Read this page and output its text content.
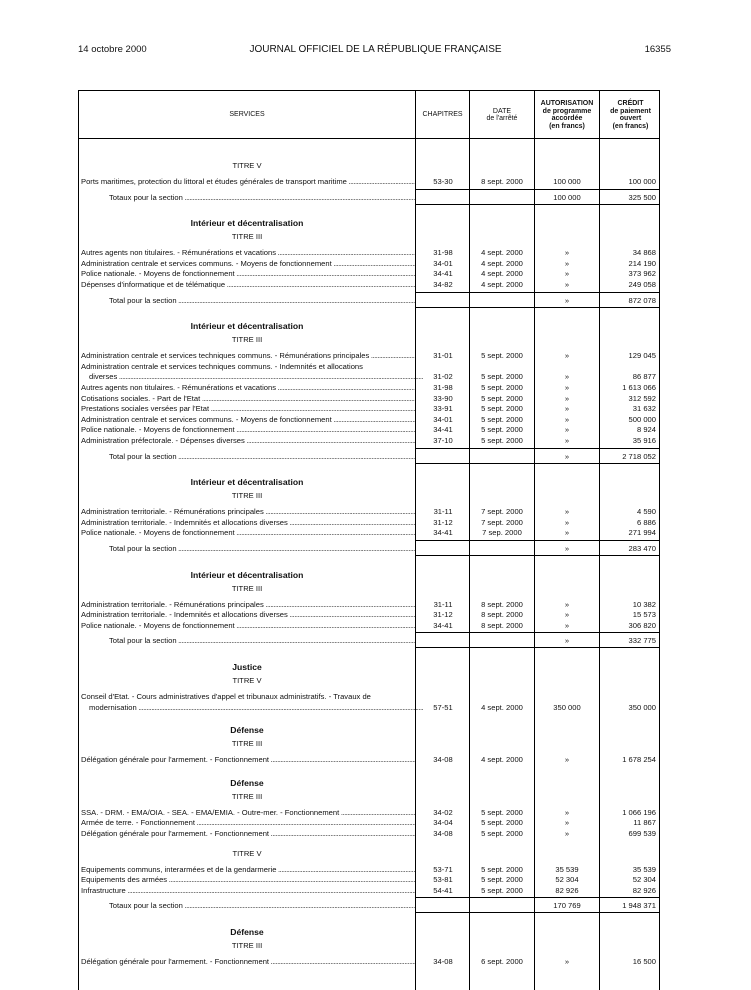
14 octobre 2000	JOURNAL OFFICIEL DE LA RÉPUBLIQUE FRANÇAISE	16355
SERVICES	CHAPITRES
DATE
de l'arrêté
AUTORISATION
de programme
accordée
(en francs)
CRÉDIT
de paiement
ouvert
(en francs)
TITRE V
Ports maritimes, protection du littoral et études générales de transport maritime .....	53-30	8 sept. 2000	100 000	100 000
Totaux pour la section .....	100 000	325 500
Intérieur et décentralisation
TITRE III
Autres agents non titulaires. - Rémunérations et vacations .....	31-98	4 sept. 2000	»	34 868
Administration centrale et services communs. - Moyens de fonctionnement .....	34-01	4 sept. 2000	»	214 190
Police nationale. - Moyens de fonctionnement .....	34-41	4 sept. 2000	»	373 962
Dépenses d'informatique et de télématique .....	34-82	4 sept. 2000	»	249 058
Total pour la section .....	»	872 078
Intérieur et décentralisation
TITRE III
Administration centrale et services techniques communs. - Rémunérations principales .....	31-01	5 sept. 2000	»	129 045
Administration centrale et services techniques communs. - Indemnités et allocations
diverses .....	31-02	5 sept. 2000	»	86 877
Autres agents non titulaires. - Rémunérations et vacations .....	31-98	5 sept. 2000	»	1 613 066
Cotisations sociales. - Part de l'Etat .....	33-90	5 sept. 2000	»	312 592
Prestations sociales versées par l'Etat .....	33-91	5 sept. 2000	»	31 632
Administration centrale et services communs. - Moyens de fonctionnement .....	34-01	5 sept. 2000	»	500 000
Police nationale. - Moyens de fonctionnement .....	34-41	5 sept. 2000	»	8 924
Administration préfectorale. - Dépenses diverses .....	37-10	5 sept. 2000	»	35 916
Total pour la section .....	»	2 718 052
Intérieur et décentralisation
TITRE III
Administration territoriale. - Rémunérations principales .....	31-11	7 sept. 2000	»	4 590
Administration territoriale. - Indemnités et allocations diverses .....	31-12	7 sept. 2000	»	6 886
Police nationale. - Moyens de fonctionnement .....	34-41	7 sep. 2000	»	271 994
Total pour la section .....	»	283 470
Intérieur et décentralisation
TITRE III
Administration territoriale. - Rémunérations principales .....	31-11	8 sept. 2000	»	10 382
Administration territoriale. - Indemnités et allocations diverses .....	31-12	8 sept. 2000	»	15 573
Police nationale. - Moyens de fonctionnement .....	34-41	8 sept. 2000	»	306 820
Total pour la section .....	»	332 775
Justice
TITRE V
Conseil d'Etat. - Cours administratives d'appel et tribunaux administratifs. - Travaux de
modernisation .....	57-51	4 sept. 2000	350 000	350 000
Défense
TITRE III
Délégation générale pour l'armement. - Fonctionnement .....	34-08	4 sept. 2000	»	1 678 254
Défense
TITRE III
SSA. - DRM. - EMA/OIA. - SEA. - EMA/EMIA. - Outre-mer. - Fonctionnement .....	34-02	5 sept. 2000	»	1 066 196
Armée de terre. - Fonctionnement .....	34-04	5 sept. 2000	»	11 867
Délégation générale pour l'armement. - Fonctionnement .....	34-08	5 sept. 2000	»	699 539
TITRE V
Equipements communs, interarmées et de la gendarmerie .....	53-71	5 sept. 2000	35 539	35 539
Equipements des armées .....	53-81	5 sept. 2000	52 304	52 304
Infrastructure .....	54-41	5 sept. 2000	82 926	82 926
Totaux pour la section .....	170 769	1 948 371
Défense
TITRE III
Délégation générale pour l'armement. - Fonctionnement .....	34-08	6 sept. 2000	»	16 500
